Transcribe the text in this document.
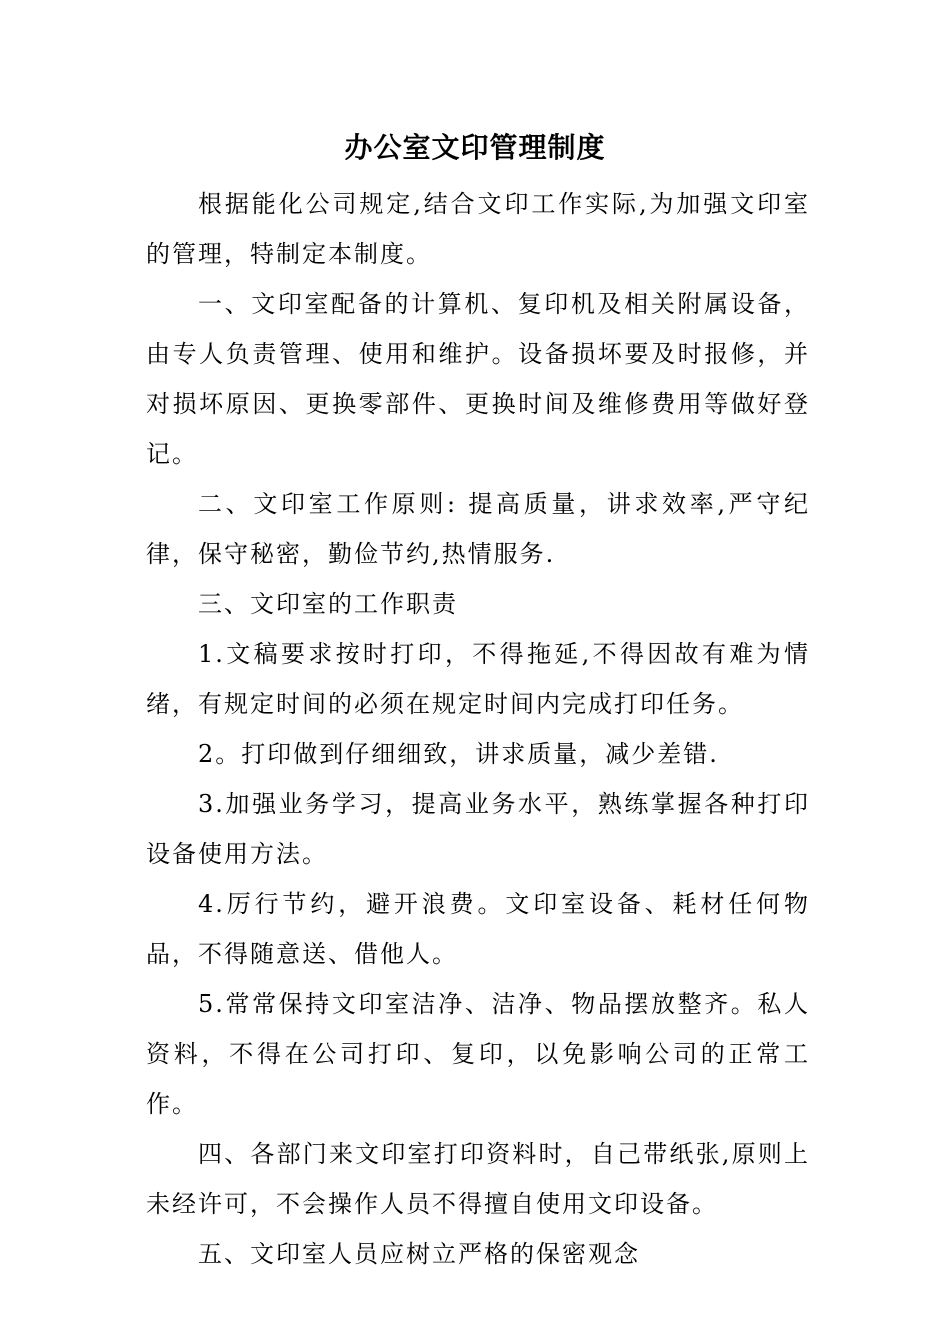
办公室文印管理制度

根据能化公司规定,结合文印工作实际,为加强文印室的管理，特制定本制度。

一、文印室配备的计算机、复印机及相关附属设备，由专人负责管理、使用和维护。设备损坏要及时报修，并对损坏原因、更换零部件、更换时间及维修费用等做好登记。

二、文印室工作原则: 提高质量，讲求效率,严守纪律，保守秘密，勤俭节约,热情服务.

三、文印室的工作职责

1.文稿要求按时打印，不得拖延,不得因故有难为情绪，有规定时间的必须在规定时间内完成打印任务。

2。打印做到仔细细致，讲求质量，减少差错.

3.加强业务学习，提高业务水平，熟练掌握各种打印设备使用方法。

4.厉行节约，避开浪费。文印室设备、耗材任何物品，不得随意送、借他人。

5.常常保持文印室洁净、洁净、物品摆放整齐。私人资料，不得在公司打印、复印，以免影响公司的正常工作。

四、各部门来文印室打印资料时，自己带纸张,原则上未经许可，不会操作人员不得擅自使用文印设备。

五、文印室人员应树立严格的保密观念
